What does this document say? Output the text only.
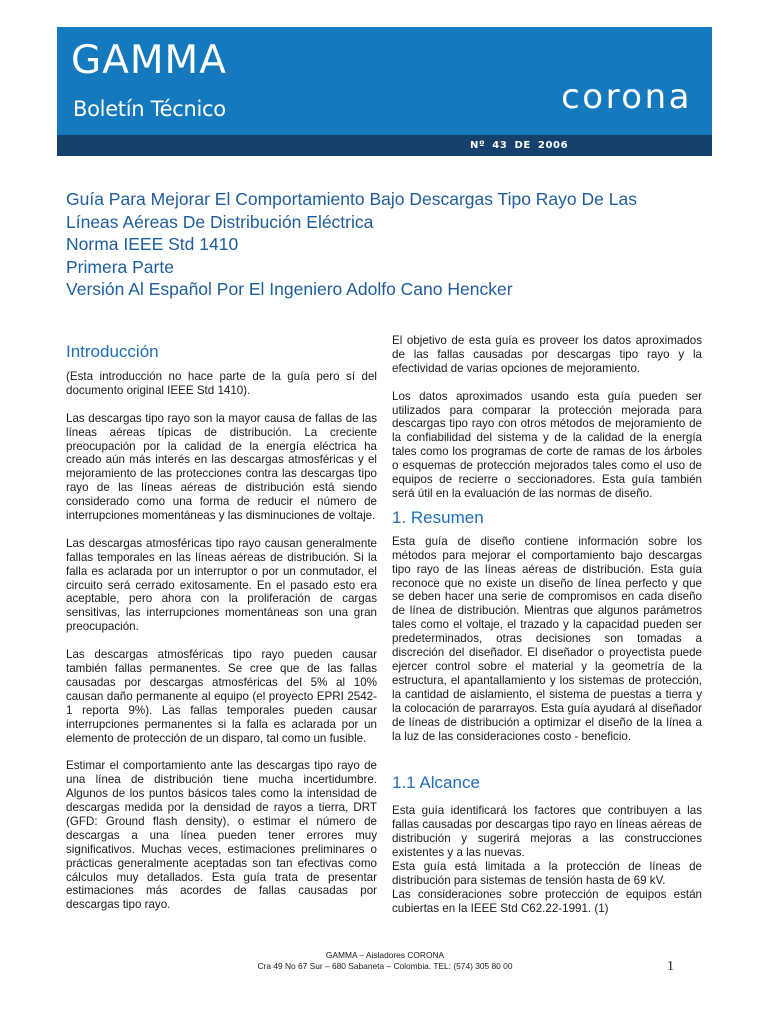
GAMMA
Boletín Técnico	corona
Nº 43 DE 2006
Guía Para Mejorar El Comportamiento Bajo Descargas Tipo Rayo De Las
Líneas Aéreas De Distribución Eléctrica
Norma IEEE Std 1410
Primera Parte
Versión Al Español Por El Ingeniero Adolfo Cano Hencker
Introducción

(Esta introducción no hace parte de la guía pero sí del documento original IEEE Std 1410).

Las descargas tipo rayo son la mayor causa de fallas de las líneas aéreas típicas de distribución. La creciente preocupación por la calidad de la energía eléctrica ha creado aún más interés en las descargas atmosféricas y el mejoramiento de las protecciones contra las descargas tipo rayo de las líneas aéreas de distribución está siendo considerado como una forma de reducir el número de interrupciones momentáneas y las disminuciones de voltaje.

Las descargas atmosféricas tipo rayo causan generalmente fallas temporales en las líneas aéreas de distribución. Si la falla es aclarada por un interruptor o por un conmutador, el circuito será cerrado exitosamente. En el pasado esto era aceptable, pero ahora con la proliferación de cargas sensitivas, las interrupciones momentáneas son una gran preocupación.

Las descargas atmosféricas tipo rayo pueden causar también fallas permanentes. Se cree que de las fallas causadas por descargas atmosféricas del 5% al 10% causan daño permanente al equipo (el proyecto EPRI 2542-1 reporta 9%). Las fallas temporales pueden causar interrupciones permanentes si la falla es aclarada por un elemento de protección de un disparo, tal como un fusible.

Estimar el comportamiento ante las descargas tipo rayo de una línea de distribución tiene mucha incertidumbre. Algunos de los puntos básicos tales como la intensidad de descargas medida por la densidad de rayos a tierra, DRT (GFD: Ground flash density), o estimar el número de descargas a una línea pueden tener errores muy significativos. Muchas veces, estimaciones preliminares o prácticas generalmente aceptadas son tan efectivas como cálculos muy detallados. Esta guía trata de presentar estimaciones más acordes de fallas causadas por descargas tipo rayo.

El objetivo de esta guía es proveer los datos aproximados de las fallas causadas por descargas tipo rayo y la efectividad de varias opciones de mejoramiento.

Los datos aproximados usando esta guía pueden ser utilizados para comparar la protección mejorada para descargas tipo rayo con otros métodos de mejoramiento de la confiabilidad del sistema y de la calidad de la energía tales como los programas de corte de ramas de los árboles o esquemas de protección mejorados tales como el uso de equipos de recierre o seccionadores. Esta guía también será útil en la evaluación de las normas de diseño.

1. Resumen

Esta guía de diseño contiene información sobre los métodos para mejorar el comportamiento bajo descargas tipo rayo de las líneas aéreas de distribución. Esta guía reconoce que no existe un diseño de línea perfecto y que se deben hacer una serie de compromisos en cada diseño de línea de distribución. Mientras que algunos parámetros tales como el voltaje, el trazado y la capacidad pueden ser predeterminados, otras decisiones son tomadas a discreción del diseñador. El diseñador o proyectista puede ejercer control sobre el material y la geometría de la estructura, el apantallamiento y los sistemas de protección, la cantidad de aislamiento, el sistema de puestas a tierra y la colocación de pararrayos. Esta guía ayudará al diseñador de líneas de distribución a optimizar el diseño de la línea a la luz de las consideraciones costo - beneficio.

1.1 Alcance

Esta guía identificará los factores que contribuyen a las fallas causadas por descargas tipo rayo en líneas aéreas de distribución y sugerirá mejoras a las construcciones existentes y a las nuevas.

Esta guía está limitada a la protección de líneas de distribución para sistemas de tensión hasta de 69 kV.

Las consideraciones sobre protección de equipos están cubiertas en la IEEE Std C62.22-1991. (1)

GAMMA – Aisladores CORONA
Cra 49 No 67 Sur – 680 Sabaneta – Colombia. TEL: (574) 305 80 00	1
